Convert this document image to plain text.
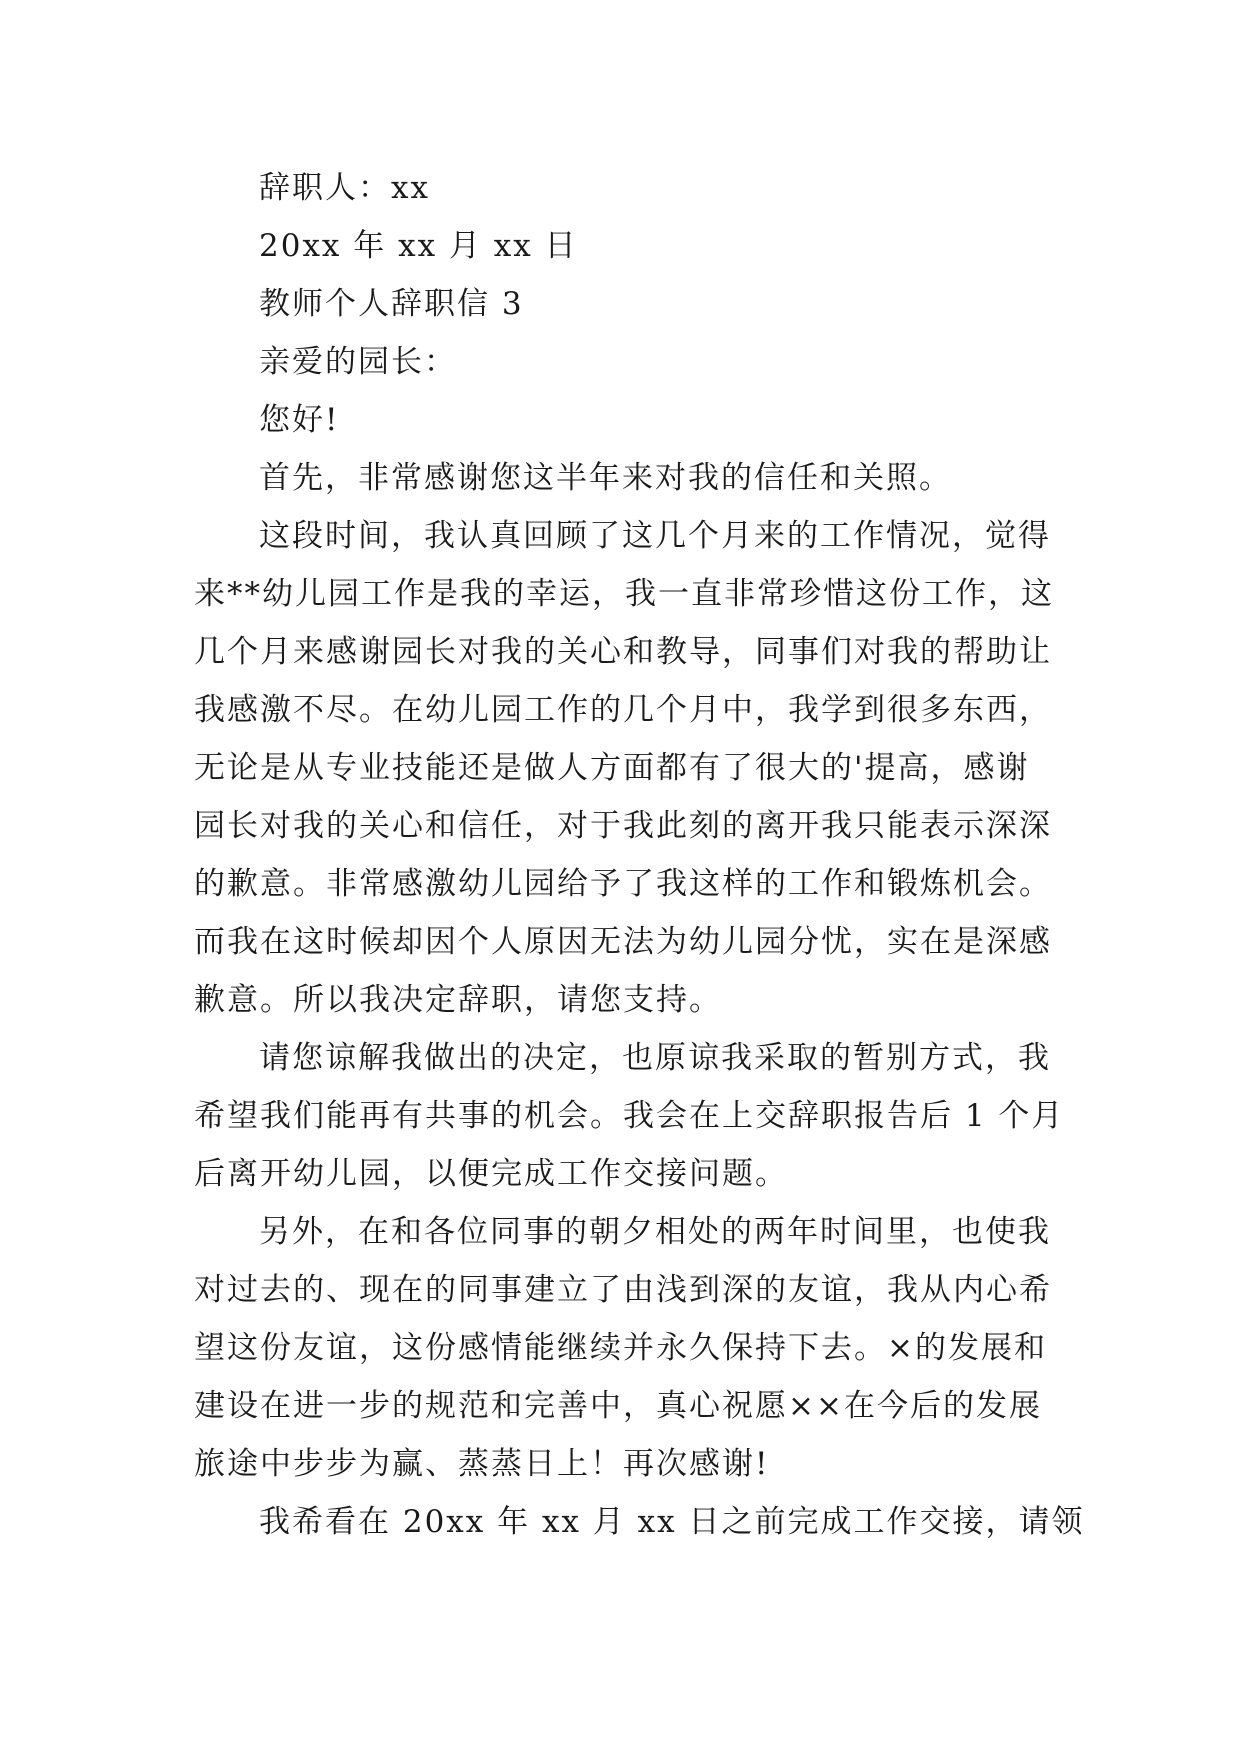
辞职人：xx
20xx 年 xx 月 xx 日
教师个人辞职信 3
亲爱的园长：
您好!
首先，非常感谢您这半年来对我的信任和关照。
这段时间，我认真回顾了这几个月来的工作情况，觉得
来**幼儿园工作是我的幸运，我一直非常珍惜这份工作，这
几个月来感谢园长对我的关心和教导，同事们对我的帮助让
我感激不尽。在幼儿园工作的几个月中，我学到很多东西，
无论是从专业技能还是做人方面都有了很大的'提高，感谢
园长对我的关心和信任，对于我此刻的离开我只能表示深深
的歉意。非常感激幼儿园给予了我这样的工作和锻炼机会。
而我在这时候却因个人原因无法为幼儿园分忧，实在是深感
歉意。所以我决定辞职，请您支持。
请您谅解我做出的决定，也原谅我采取的暂别方式，我
希望我们能再有共事的机会。我会在上交辞职报告后 1 个月
后离开幼儿园，以便完成工作交接问题。
另外，在和各位同事的朝夕相处的两年时间里，也使我
对过去的、现在的同事建立了由浅到深的友谊，我从内心希
望这份友谊，这份感情能继续并永久保持下去。×的发展和
建设在进一步的规范和完善中，真心祝愿××在今后的发展
旅途中步步为赢、蒸蒸日上！再次感谢!
我希看在 20xx 年 xx 月 xx 日之前完成工作交接，请领
